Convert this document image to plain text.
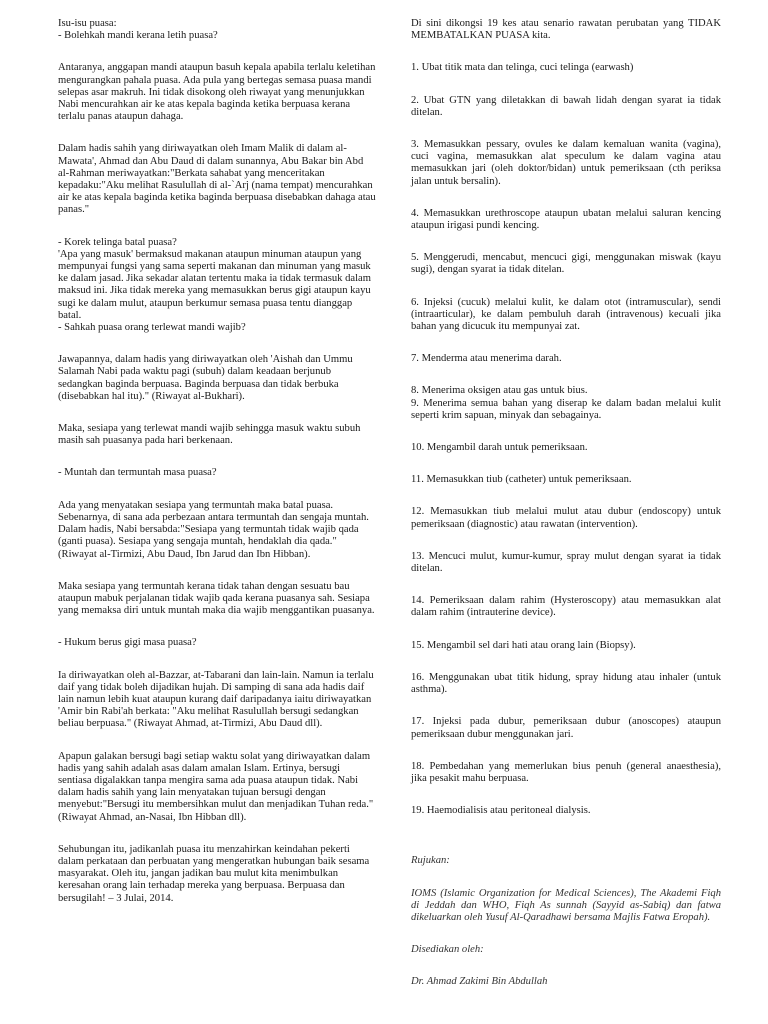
Isu-isu puasa:
- Bolehkah mandi kerana letih puasa?

Antaranya, anggapan mandi ataupun basuh kepala apabila terlalu keletihan mengurangkan pahala puasa. Ada pula yang bertegas semasa puasa mandi selepas asar makruh. Ini tidak disokong oleh riwayat yang menunjukkan Nabi mencurahkan air ke atas kepala baginda ketika berpuasa kerana terlalu panas ataupun dahaga.

Dalam hadis sahih yang diriwayatkan oleh Imam Malik di dalam al-Mawata', Ahmad dan Abu Daud di dalam sunannya, Abu Bakar bin Abd al-Rahman meriwayatkan:"Berkata sahabat yang menceritakan kepadaku:"Aku melihat Rasulullah di al-`Arj (nama tempat) mencurahkan air ke atas kepala baginda ketika baginda berpuasa disebabkan dahaga atau panas."

- Korek telinga batal puasa?
'Apa yang masuk' bermaksud makanan ataupun minuman ataupun yang mempunyai fungsi yang sama seperti makanan dan minuman yang masuk ke dalam jasad. Jika sekadar alatan tertentu maka ia tidak termasuk dalam maksud ini. Jika tidak mereka yang memasukkan berus gigi ataupun kayu sugi ke dalam mulut, ataupun berkumur semasa puasa tentu dianggap batal.
- Sahkah puasa orang terlewat mandi wajib?

Jawapannya, dalam hadis yang diriwayatkan oleh 'Aishah dan Ummu Salamah Nabi pada waktu pagi (subuh) dalam keadaan berjunub sedangkan baginda berpuasa. Baginda berpuasa dan tidak berbuka (disebabkan hal itu)." (Riwayat al-Bukhari).

Maka, sesiapa yang terlewat mandi wajib sehingga masuk waktu subuh masih sah puasanya pada hari berkenaan.

- Muntah dan termuntah masa puasa?

Ada yang menyatakan sesiapa yang termuntah maka batal puasa. Sebenarnya, di sana ada perbezaan antara termuntah dan sengaja muntah. Dalam hadis, Nabi bersabda:"Sesiapa yang termuntah tidak wajib qada (ganti puasa). Sesiapa yang sengaja muntah, hendaklah dia qada." (Riwayat al-Tirmizi, Abu Daud, Ibn Jarud dan Ibn Hibban).

Maka sesiapa yang termuntah kerana tidak tahan dengan sesuatu bau ataupun mabuk perjalanan tidak wajib qada kerana puasanya sah. Sesiapa yang memaksa diri untuk muntah maka dia wajib menggantikan puasanya.

- Hukum berus gigi masa puasa?

Ia diriwayatkan oleh al-Bazzar, at-Tabarani dan lain-lain. Namun ia terlalu daif yang tidak boleh dijadikan hujah. Di samping di sana ada hadis daif lain namun lebih kuat ataupun kurang daif daripadanya iaitu diriwayatkan 'Amir bin Rabi'ah berkata: "Aku melihat Rasulullah bersugi sedangkan beliau berpuasa." (Riwayat Ahmad, at-Tirmizi, Abu Daud dll).

Apapun galakan bersugi bagi setiap waktu solat yang diriwayatkan dalam hadis yang sahih adalah asas dalam amalan Islam. Ertinya, bersugi sentiasa digalakkan tanpa mengira sama ada puasa ataupun tidak. Nabi dalam hadis sahih yang lain menyatakan tujuan bersugi dengan menyebut:"Bersugi itu membersihkan mulut dan menjadikan Tuhan reda." (Riwayat Ahmad, an-Nasai, Ibn Hibban dll).

Sehubungan itu, jadikanlah puasa itu menzahirkan keindahan pekerti dalam perkataan dan perbuatan yang mengeratkan hubungan baik sesama masyarakat. Oleh itu, jangan jadikan bau mulut kita menimbulkan keresahan orang lain terhadap mereka yang berpuasa. Berpuasa dan bersugilah! – 3 Julai, 2014.

Di sini dikongsi 19 kes atau senario rawatan perubatan yang TIDAK MEMBATALKAN PUASA kita.

1. Ubat titik mata dan telinga, cuci telinga (earwash)

2. Ubat GTN yang diletakkan di bawah lidah dengan syarat ia tidak ditelan.

3. Memasukkan pessary, ovules ke dalam kemaluan wanita (vagina), cuci vagina, memasukkan alat speculum ke dalam vagina atau memasukkan jari (oleh doktor/bidan) untuk pemeriksaan (cth periksa jalan untuk bersalin).

4. Memasukkan urethroscope ataupun ubatan melalui saluran kencing ataupun irigasi pundi kencing.

5. Menggerudi, mencabut, mencuci gigi, menggunakan miswak (kayu sugi), dengan syarat ia tidak ditelan.

6. Injeksi (cucuk) melalui kulit, ke dalam otot (intramuscular), sendi (intraarticular), ke dalam pembuluh darah (intravenous) kecuali jika bahan yang dicucuk itu mempunyai zat.

7. Menderma atau menerima darah.

8. Menerima oksigen atau gas untuk bius.
9. Menerima semua bahan yang diserap ke dalam badan melalui kulit seperti krim sapuan, minyak dan sebagainya.

10. Mengambil darah untuk pemeriksaan.

11. Memasukkan tiub (catheter) untuk pemeriksaan.

12. Memasukkan tiub melalui mulut atau dubur (endoscopy) untuk pemeriksaan (diagnostic) atau rawatan (intervention).

13. Mencuci mulut, kumur-kumur, spray mulut dengan syarat ia tidak ditelan.

14. Pemeriksaan dalam rahim (Hysteroscopy) atau memasukkan alat dalam rahim (intrauterine device).

15. Mengambil sel dari hati atau orang lain (Biopsy).

16. Menggunakan ubat titik hidung, spray hidung atau inhaler (untuk asthma).

17. Injeksi pada dubur, pemeriksaan dubur (anoscopes) ataupun pemeriksaan dubur menggunakan jari.

18. Pembedahan yang memerlukan bius penuh (general anaesthesia), jika pesakit mahu berpuasa.

19. Haemodialisis atau peritoneal dialysis.

Rujukan:

IOMS (Islamic Organization for Medical Sciences), The Akademi Fiqh di Jeddah dan WHO, Fiqh As sunnah (Sayyid as-Sabiq) dan fatwa dikeluarkan oleh Yusuf Al-Qaradhawi bersama Majlis Fatwa Eropah).

Disediakan oleh:

Dr. Ahmad Zakimi Bin Abdullah
